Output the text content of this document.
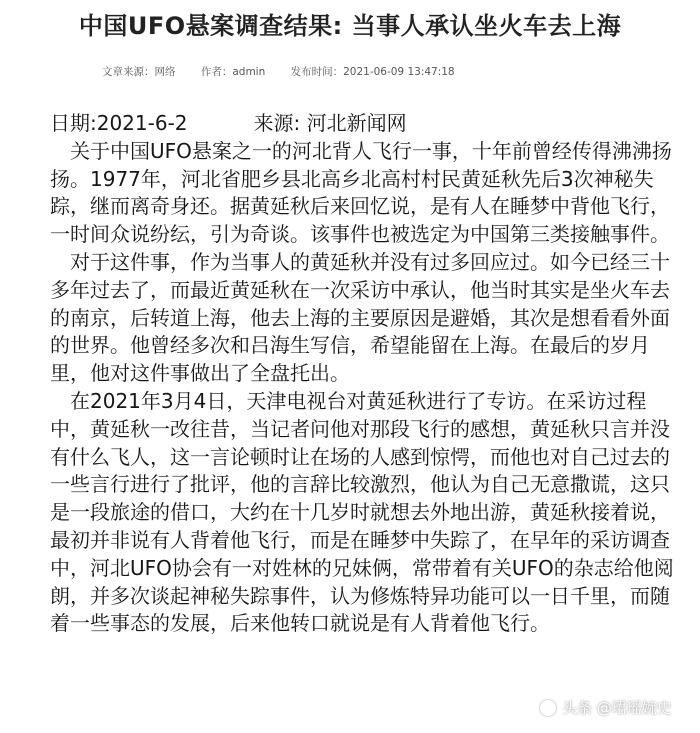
中国UFO悬案调查结果: 当事人承认坐火车去上海
文章来源：网络 作者：admin 发布时间：2021-06-09 13:47:18

日期:2021-6-2	来源: 河北新闻网

关于中国UFO悬案之一的河北背人飞行一事，十年前曾经传得沸沸扬扬。1977年，河北省肥乡县北高乡北高村村民黄延秋先后3次神秘失踪，继而离奇身还。据黄延秋后来回忆说，是有人在睡梦中背他飞行，一时间众说纷纭，引为奇谈。该事件也被选定为中国第三类接触事件。

对于这件事，作为当事人的黄延秋并没有过多回应过。如今已经三十多年过去了，而最近黄延秋在一次采访中承认，他当时其实是坐火车去的南京，后转道上海，他去上海的主要原因是避婚，其次是想看看外面的世界。他曾经多次和吕海生写信，希望能留在上海。在最后的岁月里，他对这件事做出了全盘托出。

在2021年3月4日，天津电视台对黄延秋进行了专访。在采访过程中，黄延秋一改往昔，当记者问他对那段飞行的感想，黄延秋只言并没有什么飞人，这一言论顿时让在场的人感到惊愕，而他也对自己过去的一些言行进行了批评，他的言辞比较激烈，他认为自己无意撒谎，这只是一段旅途的借口，大约在十几岁时就想去外地出游，黄延秋接着说，最初并非说有人背着他飞行，而是在睡梦中失踪了，在早年的采访调查中，河北UFO协会有一对姓林的兄妹俩，常带着有关UFO的杂志给他阅朗，并多次谈起神秘失踪事件，认为修炼特异功能可以一日千里，而随着一些事态的发展，后来他转口就说是有人背着他飞行。

头条 @珺瑶婉史
